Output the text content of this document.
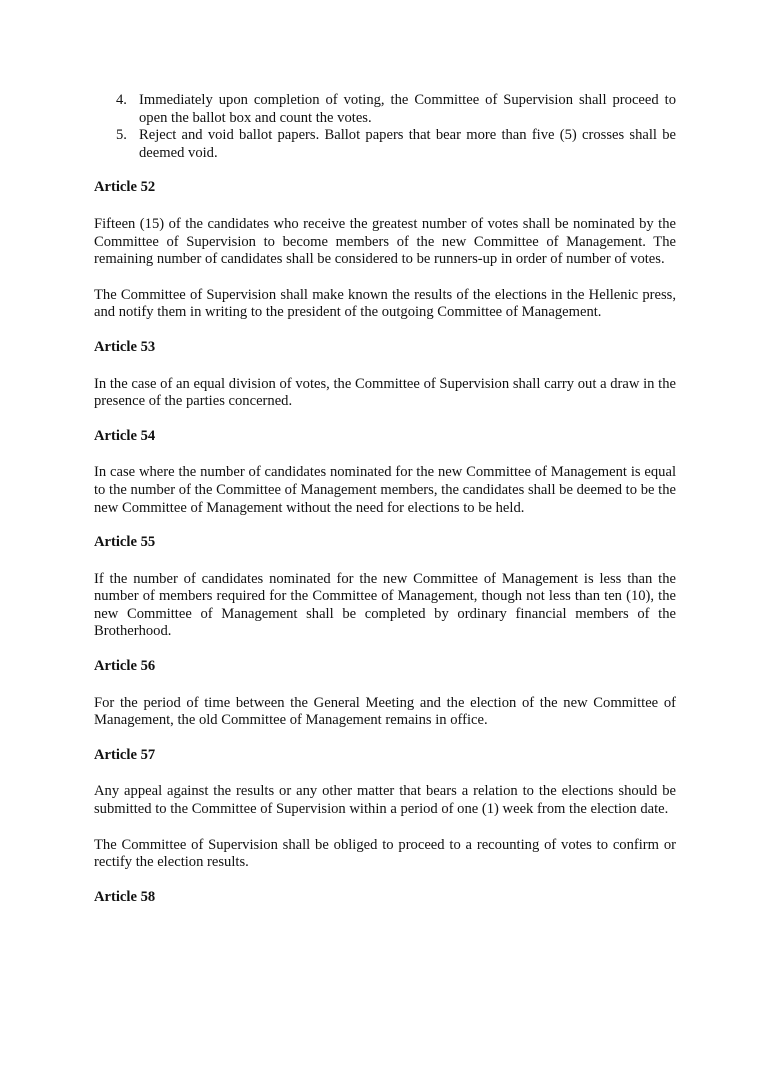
4. Immediately upon completion of voting, the Committee of Supervision shall proceed to open the ballot box and count the votes.
5. Reject and void ballot papers. Ballot papers that bear more than five (5) crosses shall be deemed void.
Article 52

Fifteen (15) of the candidates who receive the greatest number of votes shall be nominated by the Committee of Supervision to become members of the new Committee of Management. The remaining number of candidates shall be considered to be runners-up in order of number of votes.

The Committee of Supervision shall make known the results of the elections in the Hellenic press, and notify them in writing to the president of the outgoing Committee of Management.

Article 53

In the case of an equal division of votes, the Committee of Supervision shall carry out a draw in the presence of the parties concerned.

Article 54

In case where the number of candidates nominated for the new Committee of Management is equal to the number of the Committee of Management members, the candidates shall be deemed to be the new Committee of Management without the need for elections to be held.

Article 55

If the number of candidates nominated for the new Committee of Management is less than the number of members required for the Committee of Management, though not less than ten (10), the new Committee of Management shall be completed by ordinary financial members of the Brotherhood.

Article 56

For the period of time between the General Meeting and the election of the new Committee of Management, the old Committee of Management remains in office.

Article 57

Any appeal against the results or any other matter that bears a relation to the elections should be submitted to the Committee of Supervision within a period of one (1) week from the election date.

The Committee of Supervision shall be obliged to proceed to a recounting of votes to confirm or rectify the election results.

Article 58
